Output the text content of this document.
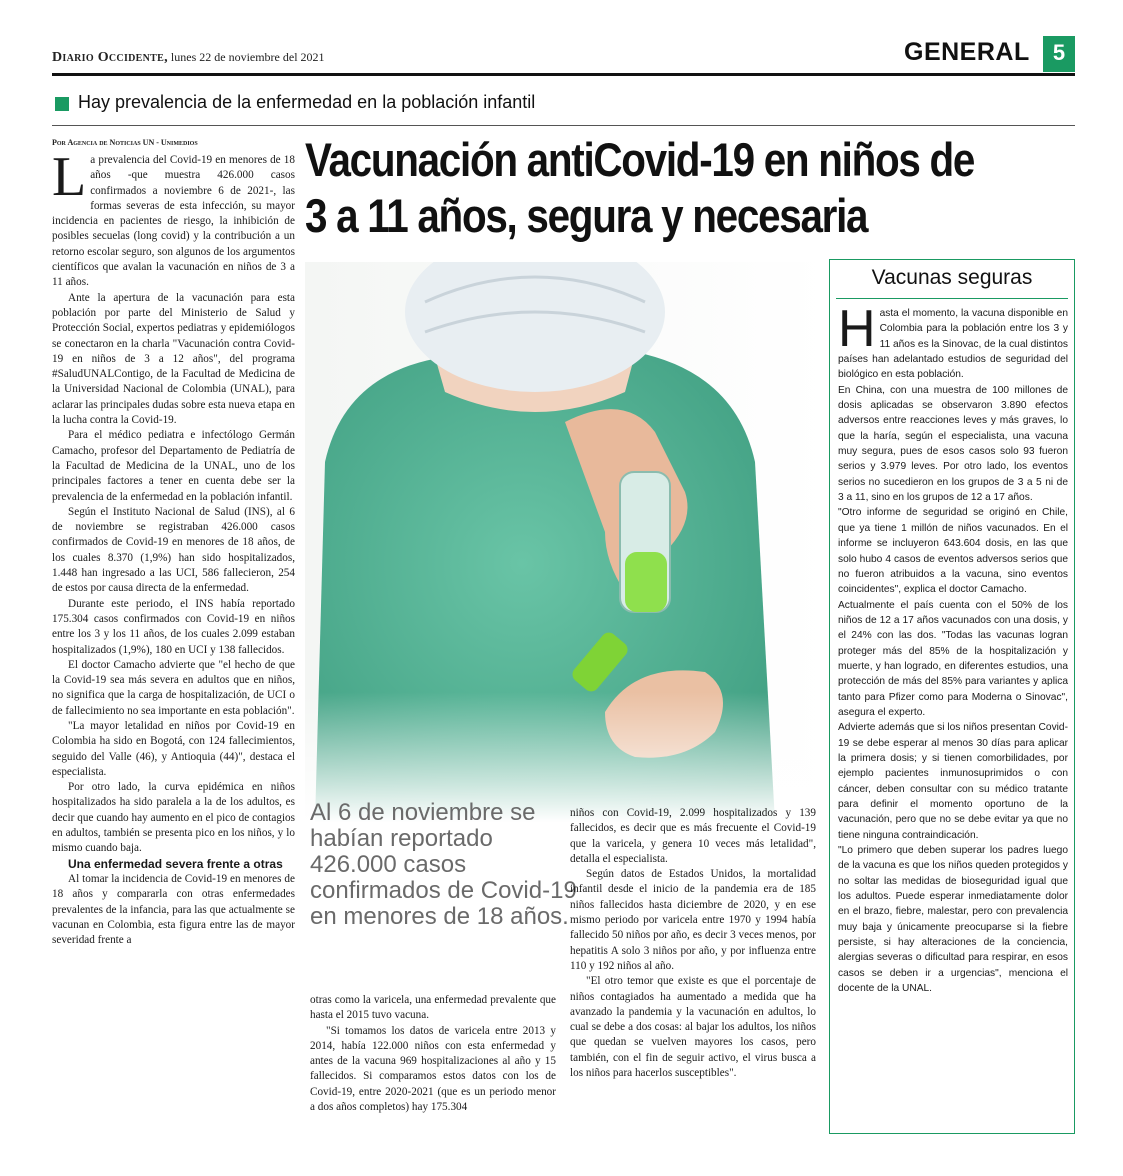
Diario Occidente, lunes 22 de noviembre del 2021	GENERAL	5
Hay prevalencia de la enfermedad en la población infantil
Por Agencia de Noticias UN - Unimedios Vacunación antiCovid-19 en niños de 3 a 11 años, segura y necesaria

La prevalencia del Covid-19 en menores de 18 años -que muestra 426.000 casos confirmados a noviembre 6 de 2021-, las formas severas de esta infección, su mayor incidencia en pacientes de riesgo, la inhibición de posibles secuelas (long covid) y la contribución a un retorno escolar seguro, son algunos de los argumentos científicos que avalan la vacunación en niños de 3 a 11 años.

Ante la apertura de la vacunación para esta población por parte del Ministerio de Salud y Protección Social, expertos pediatras y epidemiólogos se conectaron en la charla "Vacunación contra Covid-19 en niños de 3 a 12 años", del programa #SaludUNALContigo, de la Facultad de Medicina de la Universidad Nacional de Colombia (UNAL), para aclarar las principales dudas sobre esta nueva etapa en la lucha contra la Covid-19.

Para el médico pediatra e infectólogo Germán Camacho, profesor del Departamento de Pediatría de la Facultad de Medicina de la UNAL, uno de los principales factores a tener en cuenta debe ser la prevalencia de la enfermedad en la población infantil.

Según el Instituto Nacional de Salud (INS), al 6 de noviembre se registraban 426.000 casos confirmados de Covid-19 en menores de 18 años, de los cuales 8.370 (1,9%) han sido hospitalizados, 1.448 han ingresado a las UCI, 586 fallecieron, 254 de estos por causa directa de la enfermedad.

Durante este periodo, el INS había reportado 175.304 casos confirmados con Covid-19 en niños entre los 3 y los 11 años, de los cuales 2.099 estaban hospitalizados (1,9%), 180 en UCI y 138 fallecidos.

El doctor Camacho advierte que "el hecho de que la Covid-19 sea más severa en adultos que en niños, no significa que la carga de hospitalización, de UCI o de fallecimiento no sea importante en esta población".

"La mayor letalidad en niños por Covid-19 en Colombia ha sido en Bogotá, con 124 fallecimientos, seguido del Valle (46), y Antioquia (44)", destaca el especialista.

Por otro lado, la curva epidémica en niños hospitalizados ha sido paralela a la de los adultos, es decir que cuando hay aumento en el pico de contagios en adultos, también se presenta pico en los niños, y lo mismo cuando baja.

Una enfermedad severa frente a otras

Al tomar la incidencia de Covid-19 en menores de 18 años y compararla con otras enfermedades prevalentes de la infancia, para las que actualmente se vacunan en Colombia, esta figura entre las de mayor severidad frente a

Al 6 de noviembre se habían reportado 426.000 casos confirmados de Covid-19 en menores de 18 años.

otras como la varicela, una enfermedad prevalente que hasta el 2015 tuvo vacuna.

"Si tomamos los datos de varicela entre 2013 y 2014, había 122.000 niños con esta enfermedad y antes de la vacuna 969 hospitalizaciones al año y 15 fallecidos. Si comparamos estos datos con los de Covid-19, entre 2020-2021 (que es un periodo menor a dos años completos) hay 175.304

niños con Covid-19, 2.099 hospitalizados y 139 fallecidos, es decir que es más frecuente el Covid-19 que la varicela, y genera 10 veces más letalidad", detalla el especialista.

Según datos de Estados Unidos, la mortalidad infantil desde el inicio de la pandemia era de 185 niños fallecidos hasta diciembre de 2020, y en ese mismo periodo por varicela entre 1970 y 1994 había fallecido 50 niños por año, es decir 3 veces menos, por hepatitis A solo 3 niños por año, y por influenza entre 110 y 192 niños al año.

"El otro temor que existe es que el porcentaje de niños contagiados ha aumentado a medida que ha avanzado la pandemia y la vacunación en adultos, lo cual se debe a dos cosas: al bajar los adultos, los niños que quedan se vuelven mayores los casos, pero también, con el fin de seguir activo, el virus busca a los niños para hacerlos susceptibles".

Vacunas seguras

Hasta el momento, la vacuna disponible en Colombia para la población entre los 3 y 11 años es la Sinovac, de la cual distintos países han adelantado estudios de seguridad del biológico en esta población.

En China, con una muestra de 100 millones de dosis aplicadas se observaron 3.890 efectos adversos entre reacciones leves y más graves, lo que la haría, según el especialista, una vacuna muy segura, pues de esos casos solo 93 fueron serios y 3.979 leves. Por otro lado, los eventos serios no sucedieron en los grupos de 3 a 5 ni de 3 a 11, sino en los grupos de 12 a 17 años.

"Otro informe de seguridad se originó en Chile, que ya tiene 1 millón de niños vacunados. En el informe se incluyeron 643.604 dosis, en las que solo hubo 4 casos de eventos adversos serios que no fueron atribuidos a la vacuna, sino eventos coincidentes", explica el doctor Camacho.

Actualmente el país cuenta con el 50% de los niños de 12 a 17 años vacunados con una dosis, y el 24% con las dos. "Todas las vacunas logran proteger más del 85% de la hospitalización y muerte, y han logrado, en diferentes estudios, una protección de más del 85% para variantes y aplica tanto para Pfizer como para Moderna o Sinovac", asegura el experto.

Advierte además que si los niños presentan Covid-19 se debe esperar al menos 30 días para aplicar la primera dosis; y si tienen comorbilidades, por ejemplo pacientes inmunosuprimidos o con cáncer, deben consultar con su médico tratante para definir el momento oportuno de la vacunación, pero que no se debe evitar ya que no tiene ninguna contraindicación.

"Lo primero que deben superar los padres luego de la vacuna es que los niños queden protegidos y no soltar las medidas de bioseguridad igual que los adultos. Puede esperar inmediatamente dolor en el brazo, fiebre, malestar, pero con prevalencia muy baja y únicamente preocuparse si la fiebre persiste, si hay alteraciones de la conciencia, alergias severas o dificultad para respirar, en esos casos se deben ir a urgencias", menciona el docente de la UNAL.
